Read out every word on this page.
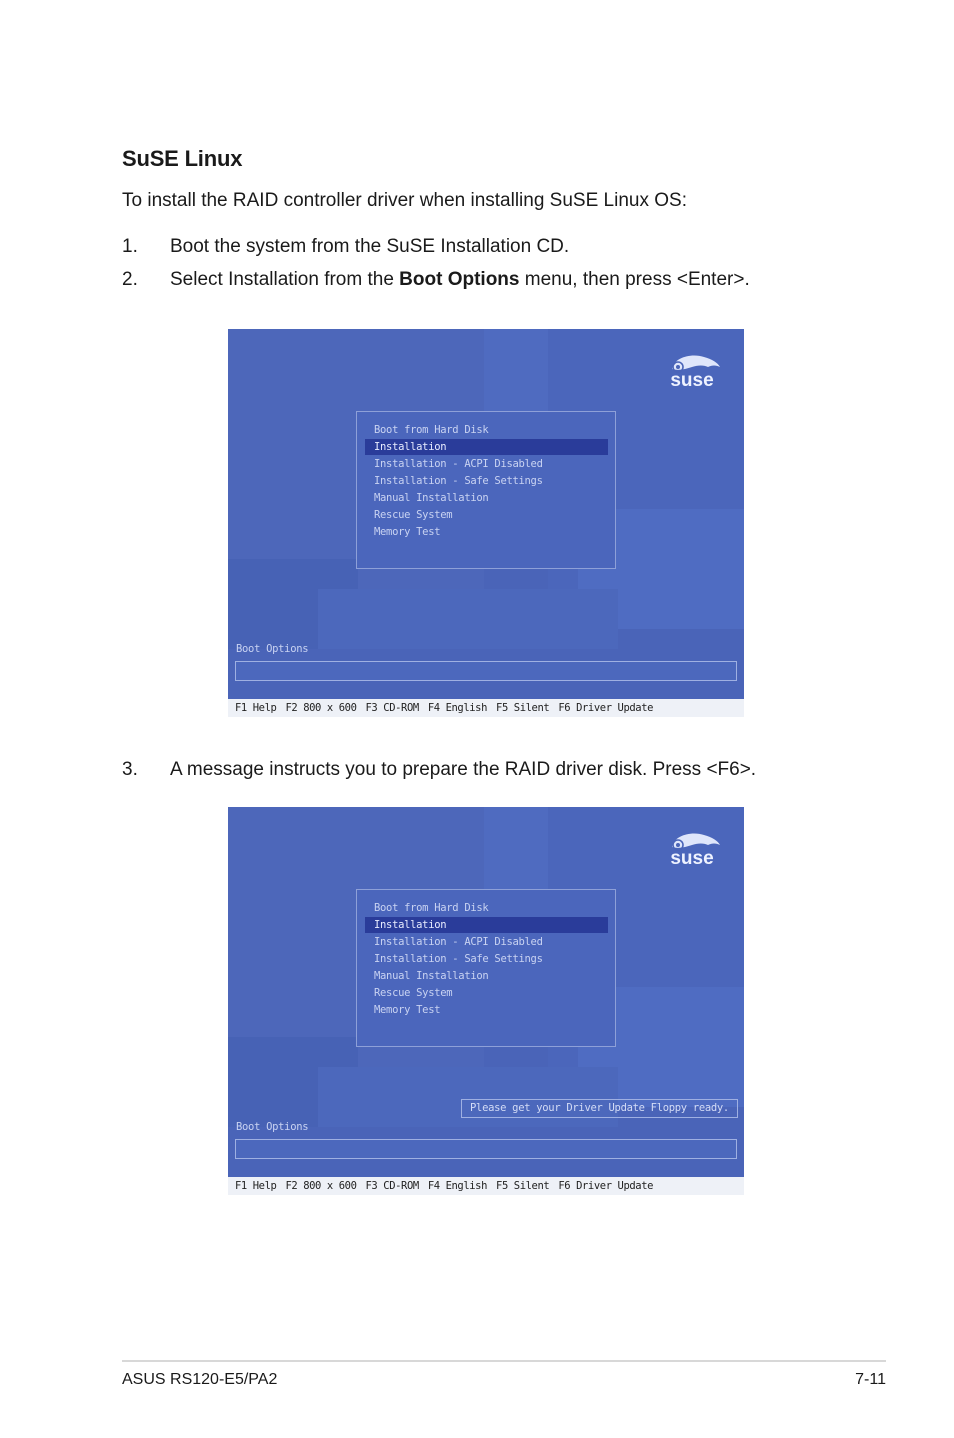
SuSE Linux
To install the RAID controller driver when installing SuSE Linux OS:
1. Boot the system from the SuSE Installation CD.
2. Select Installation from the Boot Options menu, then press <Enter>.
suse
Boot from Hard Disk
Installation
Installation - ACPI Disabled
Installation - Safe Settings
Manual Installation
Rescue System
Memory Test
Boot Options
F1 Help F2 800 x 600 F3 CD-ROM F4 English F5 Silent F6 Driver Update
3. A message instructs you to prepare the RAID driver disk. Press <F6>.
suse
Boot from Hard Disk
Installation
Installation - ACPI Disabled
Installation - Safe Settings
Manual Installation
Rescue System
Memory Test
Please get your Driver Update Floppy ready.
Boot Options
F1 Help F2 800 x 600 F3 CD-ROM F4 English F5 Silent F6 Driver Update
ASUS RS120-E5/PA2	7-11
